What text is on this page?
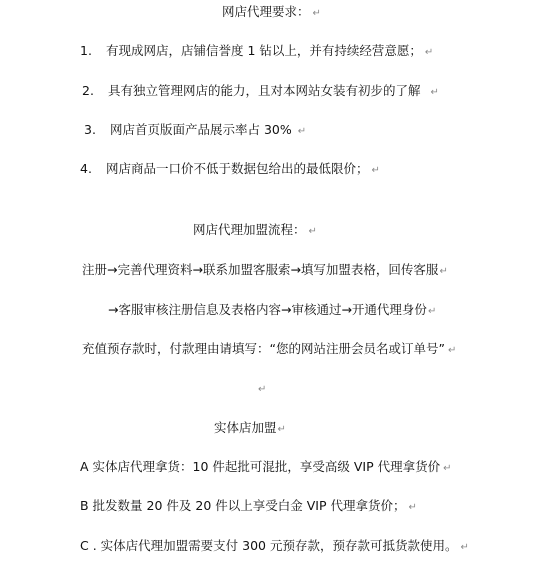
网店代理要求： ↵
1. 有现成网店，店铺信誉度 1 钻以上，并有持续经营意愿； ↵
2. 具有独立管理网店的能力，且对本网站女装有初步的了解 ↵
3. 网店首页版面产品展示率占 30% ↵
4. 网店商品一口价不低于数据包给出的最低限价； ↵
网店代理加盟流程： ↵
注册→完善代理资料→联系加盟客服索→填写加盟表格，回传客服↵
→客服审核注册信息及表格内容→审核通过→开通代理身份↵
充值预存款时，付款理由请填写：“您的网站注册会员名或订单号” ↵
↵
实体店加盟↵
A 实体店代理拿货：10 件起批可混批，享受高级 VIP 代理拿货价 ↵
B 批发数量 20 件及 20 件以上享受白金 VIP 代理拿货价； ↵
C . 实体店代理加盟需要支付 300 元预存款，预存款可抵货款使用。 ↵
